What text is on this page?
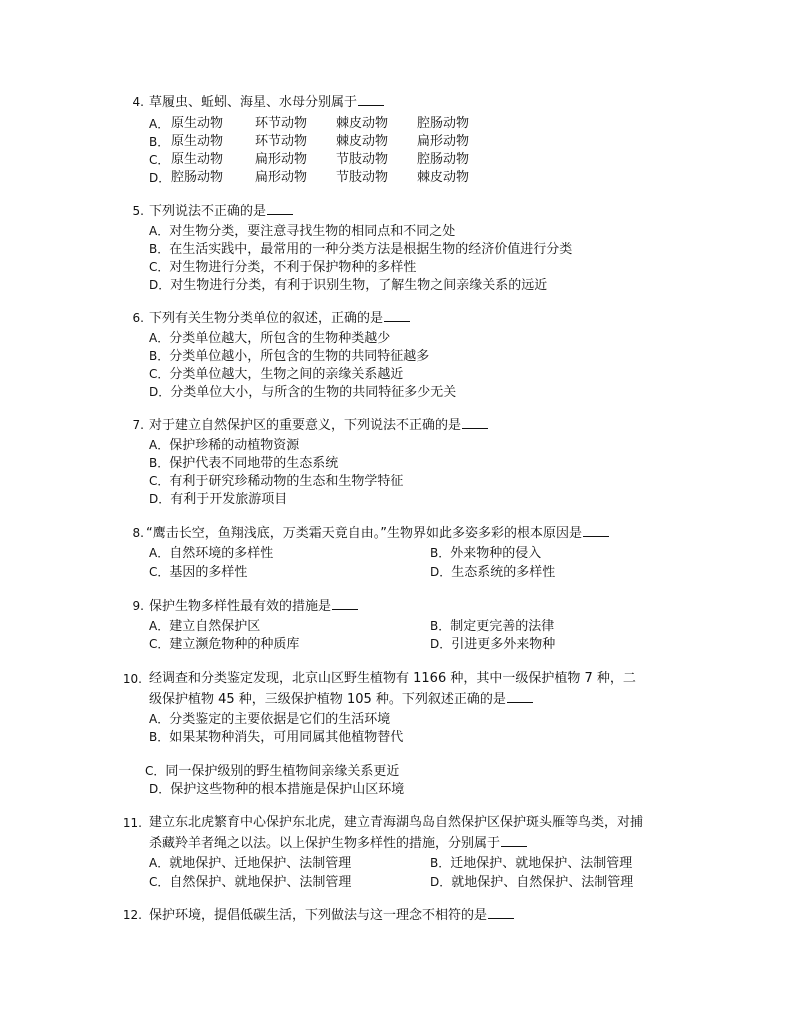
4. 草履虫、蚯蚓、海星、水母分别属于
A． 原生动物 环节动物 棘皮动物 腔肠动物
B． 原生动物 环节动物 棘皮动物 扁形动物
C． 原生动物 扁形动物 节肢动物 腔肠动物
D． 腔肠动物 扁形动物 节肢动物 棘皮动物
5. 下列说法不正确的是
A．对生物分类，要注意寻找生物的相同点和不同之处
B．在生活实践中，最常用的一种分类方法是根据生物的经济价值进行分类
C．对生物进行分类，不利于保护物种的多样性
D．对生物进行分类，有利于识别生物，了解生物之间亲缘关系的远近
6. 下列有关生物分类单位的叙述，正确的是
A．分类单位越大，所包含的生物种类越少
B．分类单位越小，所包含的生物的共同特征越多
C．分类单位越大，生物之间的亲缘关系越近
D．分类单位大小，与所含的生物的共同特征多少无关
7. 对于建立自然保护区的重要意义，下列说法不正确的是
A．保护珍稀的动植物资源
B．保护代表不同地带的生态系统
C．有利于研究珍稀动物的生态和生物学特征
D．有利于开发旅游项目
8. “鹰击长空，鱼翔浅底，万类霜天竟自由。”生物界如此多姿多彩的根本原因是
A．自然环境的多样性	B．外来物种的侵入
C．基因的多样性	D．生态系统的多样性
9. 保护生物多样性最有效的措施是
A．建立自然保护区	B．制定更完善的法律
C．建立濒危物种的种质库	D．引进更多外来物种
10. 经调查和分类鉴定发现，北京山区野生植物有 1166 种，其中一级保护植物 7 种，二
级保护植物 45 种，三级保护植物 105 种。下列叙述正确的是
A．分类鉴定的主要依据是它们的生活环境
B．如果某物种消失，可用同属其他植物替代
C．同一保护级别的野生植物间亲缘关系更近
D．保护这些物种的根本措施是保护山区环境
11. 建立东北虎繁育中心保护东北虎，建立青海湖鸟岛自然保护区保护斑头雁等鸟类，对捕
杀藏羚羊者绳之以法。以上保护生物多样性的措施，分别属于
A．就地保护、迁地保护、法制管理	B．迁地保护、就地保护、法制管理
C．自然保护、就地保护、法制管理	D．就地保护、自然保护、法制管理
12. 保护环境，提倡低碳生活，下列做法与这一理念不相符的是
